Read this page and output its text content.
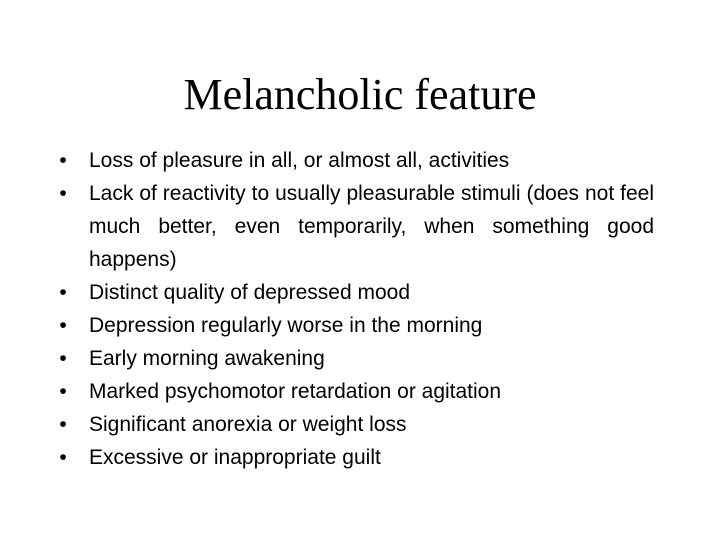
Melancholic feature
• Loss of pleasure in all, or almost all, activities
• Lack of reactivity to usually pleasurable stimuli (does not feel much better, even temporarily, when something good happens)
• Distinct quality of depressed mood
• Depression regularly worse in the morning
• Early morning awakening
• Marked psychomotor retardation or agitation
• Significant anorexia or weight loss
• Excessive or inappropriate guilt
